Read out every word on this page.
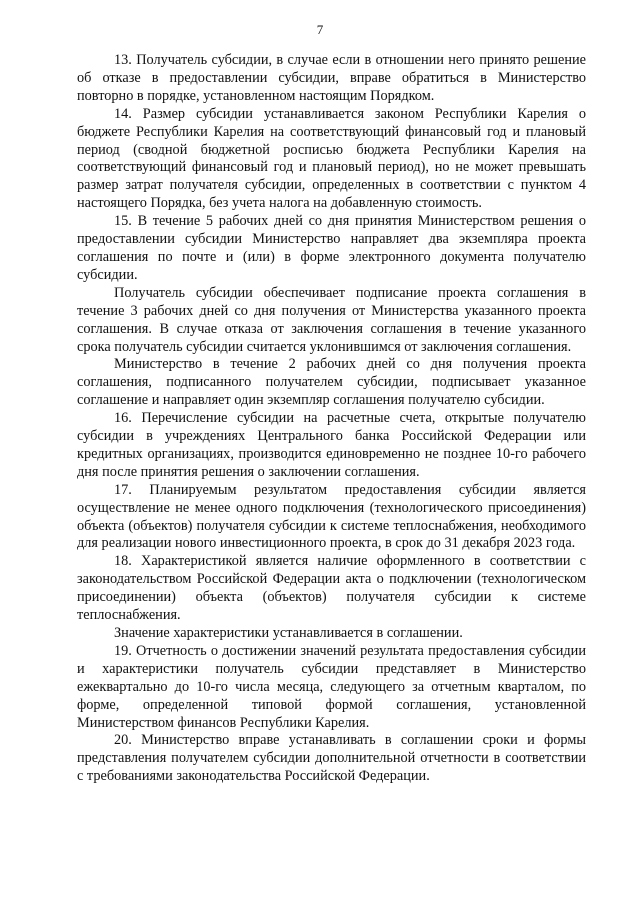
7

13. Получатель субсидии, в случае если в отношении него принято решение об отказе в предоставлении субсидии, вправе обратиться в Министерство повторно в порядке, установленном настоящим Порядком.

14. Размер субсидии устанавливается законом Республики Карелия о бюджете Республики Карелия на соответствующий финансовый год и плановый период (сводной бюджетной росписью бюджета Республики Карелия на соответствующий финансовый год и плановый период), но не может превышать размер затрат получателя субсидии, определенных в соответствии с пунктом 4 настоящего Порядка, без учета налога на добавленную стоимость.

15. В течение 5 рабочих дней со дня принятия Министерством решения о предоставлении субсидии Министерство направляет два экземпляра проекта соглашения по почте и (или) в форме электронного документа получателю субсидии.

Получатель субсидии обеспечивает подписание проекта соглашения в течение 3 рабочих дней со дня получения от Министерства указанного проекта соглашения. В случае отказа от заключения соглашения в течение указанного срока получатель субсидии считается уклонившимся от заключения соглашения.

Министерство в течение 2 рабочих дней со дня получения проекта соглашения, подписанного получателем субсидии, подписывает указанное соглашение и направляет один экземпляр соглашения получателю субсидии.

16. Перечисление субсидии на расчетные счета, открытые получателю субсидии в учреждениях Центрального банка Российской Федерации или кредитных организациях, производится единовременно не позднее 10-го рабочего дня после принятия решения о заключении соглашения.

17. Планируемым результатом предоставления субсидии является осуществление не менее одного подключения (технологического присоединения) объекта (объектов) получателя субсидии к системе теплоснабжения, необходимого для реализации нового инвестиционного проекта, в срок до 31 декабря 2023 года.

18. Характеристикой является наличие оформленного в соответствии с законодательством Российской Федерации акта о подключении (технологическом присоединении) объекта (объектов) получателя субсидии к системе теплоснабжения.

Значение характеристики устанавливается в соглашении.

19. Отчетность о достижении значений результата предоставления субсидии и характеристики получатель субсидии представляет в Министерство ежеквартально до 10-го числа месяца, следующего за отчетным кварталом, по форме, определенной типовой формой соглашения, установленной Министерством финансов Республики Карелия.

20. Министерство вправе устанавливать в соглашении сроки и формы представления получателем субсидии дополнительной отчетности в соответствии с требованиями законодательства Российской Федерации.
